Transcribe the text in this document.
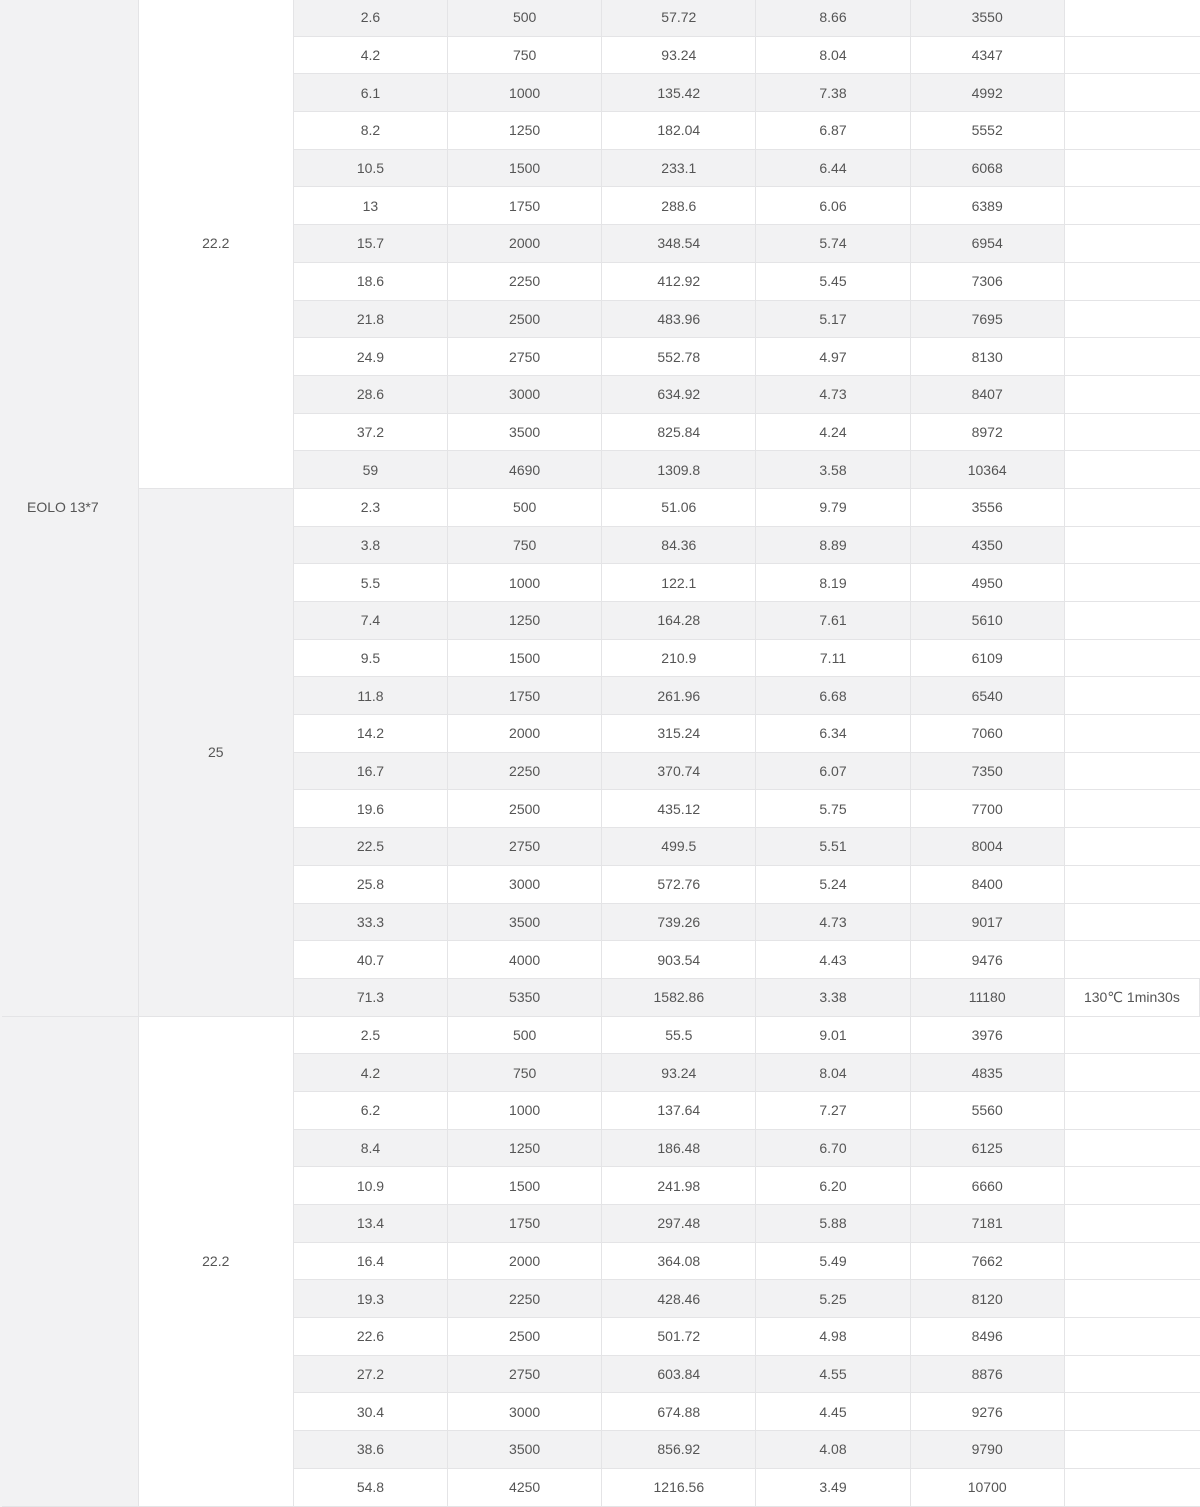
EOLO 13*7	22.2	2.6	500	57.72	8.66	3550	
		4.2	750	93.24	8.04	4347	
		6.1	1000	135.42	7.38	4992	
		8.2	1250	182.04	6.87	5552	
		10.5	1500	233.1	6.44	6068	
		13	1750	288.6	6.06	6389	
		15.7	2000	348.54	5.74	6954	
		18.6	2250	412.92	5.45	7306	
		21.8	2500	483.96	5.17	7695	
		24.9	2750	552.78	4.97	8130	
		28.6	3000	634.92	4.73	8407	
		37.2	3500	825.84	4.24	8972	
		59	4690	1309.8	3.58	10364	
	25	2.3	500	51.06	9.79	3556	
		3.8	750	84.36	8.89	4350	
		5.5	1000	122.1	8.19	4950	
		7.4	1250	164.28	7.61	5610	
		9.5	1500	210.9	7.11	6109	
		11.8	1750	261.96	6.68	6540	
		14.2	2000	315.24	6.34	7060	
		16.7	2250	370.74	6.07	7350	
		19.6	2500	435.12	5.75	7700	
		22.5	2750	499.5	5.51	8004	
		25.8	3000	572.76	5.24	8400	
		33.3	3500	739.26	4.73	9017	
		40.7	4000	903.54	4.43	9476	
		71.3	5350	1582.86	3.38	11180	130℃ 1min30s
	22.2	2.5	500	55.5	9.01	3976	
		4.2	750	93.24	8.04	4835	
		6.2	1000	137.64	7.27	5560	
		8.4	1250	186.48	6.70	6125	
		10.9	1500	241.98	6.20	6660	
		13.4	1750	297.48	5.88	7181	
		16.4	2000	364.08	5.49	7662	
		19.3	2250	428.46	5.25	8120	
		22.6	2500	501.72	4.98	8496	
		27.2	2750	603.84	4.55	8876	
		30.4	3000	674.88	4.45	9276	
		38.6	3500	856.92	4.08	9790	
		54.8	4250	1216.56	3.49	10700	
